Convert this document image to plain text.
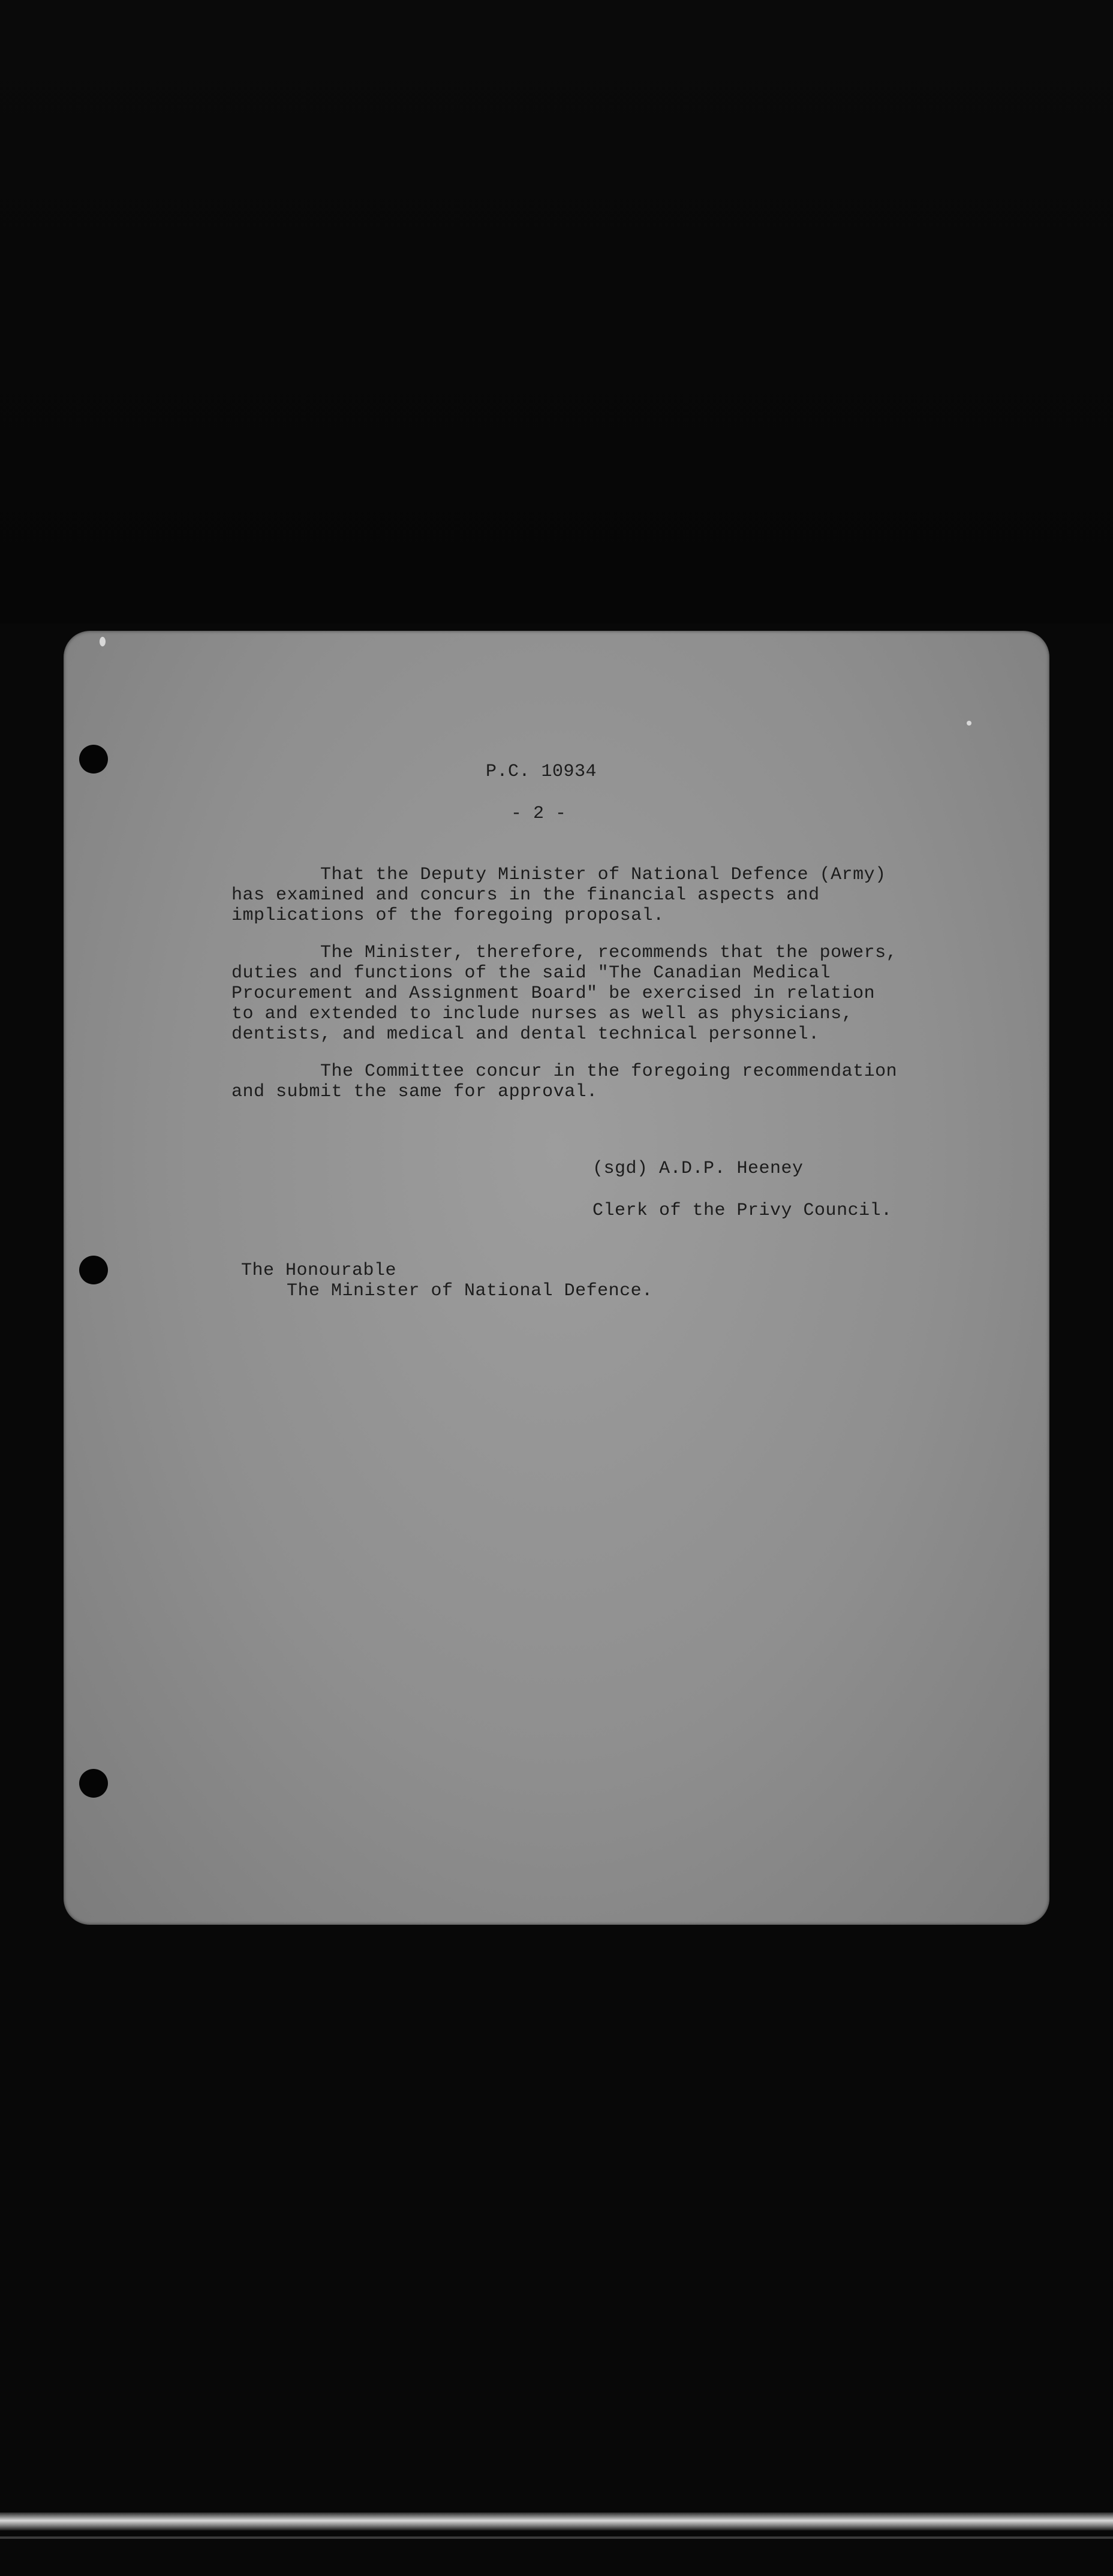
P.C. 10934
- 2 -
That the Deputy Minister of National Defence (Army)
has examined and concurs in the financial aspects and
implications of the foregoing proposal.
The Minister, therefore, recommends that the powers,
duties and functions of the said "The Canadian Medical
Procurement and Assignment Board" be exercised in relation
to and extended to include nurses as well as physicians,
dentists, and medical and dental technical personnel.
The Committee concur in the foregoing recommendation
and submit the same for approval.
(sgd) A.D.P. Heeney
Clerk of the Privy Council.
The Honourable
The Minister of National Defence.
